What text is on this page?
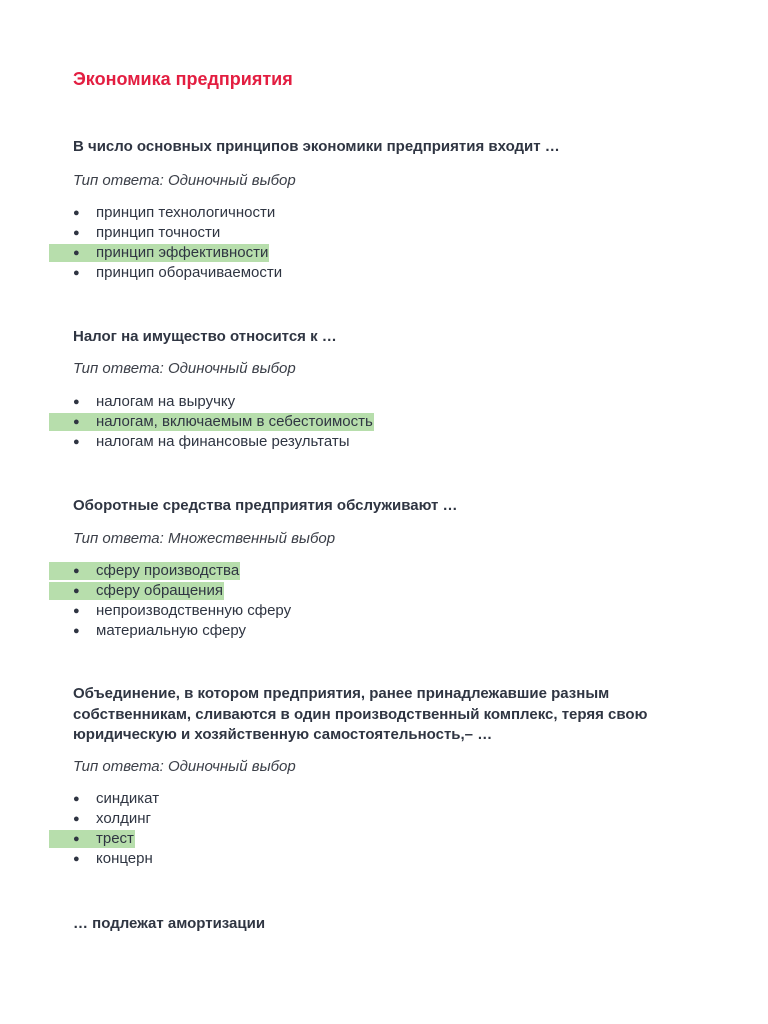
Экономика предприятия

В число основных принципов экономики предприятия входит …

Тип ответа: Одиночный выбор

● принцип технологичности
● принцип точности
● принцип эффективности
● принцип оборачиваемости

Налог на имущество относится к …

Тип ответа: Одиночный выбор

● налогам на выручку
● налогам, включаемым в себестоимость
● налогам на финансовые результаты

Оборотные средства предприятия обслуживают …

Тип ответа: Множественный выбор

● сферу производства
● сферу обращения
● непроизводственную сферу
● материальную сферу

Объединение, в котором предприятия, ранее принадлежавшие разным собственникам, сливаются в один производственный комплекс, теряя свою юридическую и хозяйственную самостоятельность,– …

Тип ответа: Одиночный выбор

● синдикат
● холдинг
● трест
● концерн

… подлежат амортизации
